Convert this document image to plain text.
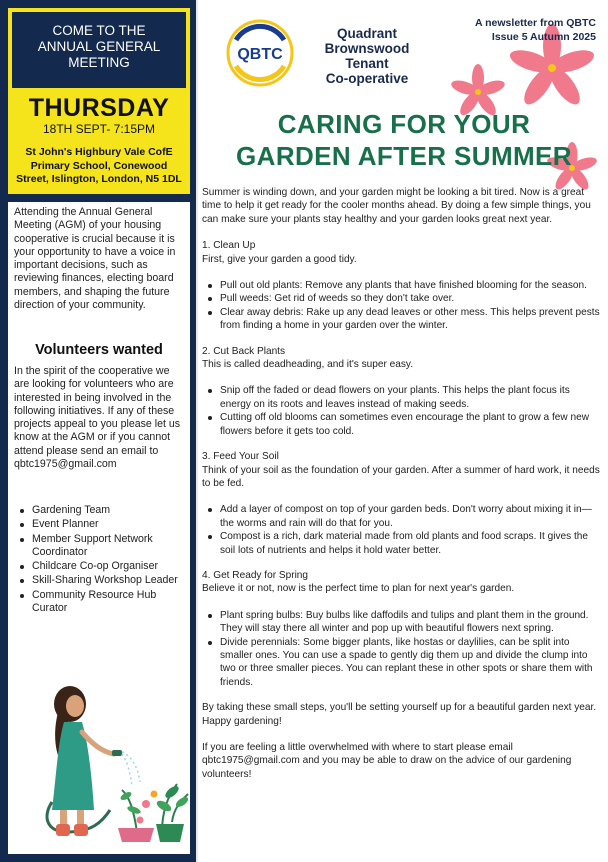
COME TO THE
ANNUAL GENERAL
MEETING
THURSDAY
18TH SEPT- 7:15PM
St John's Highbury Vale CofE Primary School, Conewood Street, Islington, London, N5 1DL
Attending the Annual General Meeting (AGM) of your housing cooperative is crucial because it is your opportunity to have a voice in important decisions, such as reviewing finances, electing board members, and shaping the future direction of your community.
Volunteers wanted
In the spirit of the cooperative we are looking for volunteers who are interested in being involved in the following initiatives. If any of these projects appeal to you please let us know at the AGM or if you cannot attend please send an email to qbtc1975@gmail.com
Gardening Team
Event Planner
Member Support Network Coordinator
Childcare Co-op Organiser
Skill-Sharing Workshop Leader
Community Resource Hub Curator
QBTC
Quadrant
Brownswood
Tenant
Co-operative
A newsletter from QBTC
Issue 5 Autumn 2025
CARING FOR YOUR
GARDEN AFTER SUMMER

Summer is winding down, and your garden might be looking a bit tired. Now is a great time to help it get ready for the cooler months ahead. By doing a few simple things, you can make sure your plants stay healthy and your garden looks great next year.

1. Clean Up

First, give your garden a good tidy.

Pull out old plants: Remove any plants that have finished blooming for the season.
Pull weeds: Get rid of weeds so they don't take over.
Clear away debris: Rake up any dead leaves or other mess. This helps prevent pests from finding a home in your garden over the winter.

2. Cut Back Plants

This is called deadheading, and it's super easy.

Snip off the faded or dead flowers on your plants. This helps the plant focus its energy on its roots and leaves instead of making seeds.
Cutting off old blooms can sometimes even encourage the plant to grow a few new flowers before it gets too cold.

3. Feed Your Soil

Think of your soil as the foundation of your garden. After a summer of hard work, it needs to be fed.

Add a layer of compost on top of your garden beds. Don't worry about mixing it in—the worms and rain will do that for you.
Compost is a rich, dark material made from old plants and food scraps. It gives the soil lots of nutrients and helps it hold water better.

4. Get Ready for Spring

Believe it or not, now is the perfect time to plan for next year's garden.

Plant spring bulbs: Buy bulbs like daffodils and tulips and plant them in the ground. They will stay there all winter and pop up with beautiful flowers next spring.
Divide perennials: Some bigger plants, like hostas or daylilies, can be split into smaller ones. You can use a spade to gently dig them up and divide the clump into two or three smaller pieces. You can replant these in other spots or share them with friends.

By taking these small steps, you'll be setting yourself up for a beautiful garden next year. Happy gardening!

If you are feeling a little overwhelmed with where to start please email qbtc1975@gmail.com and you may be able to draw on the advice of our gardening volunteers!
